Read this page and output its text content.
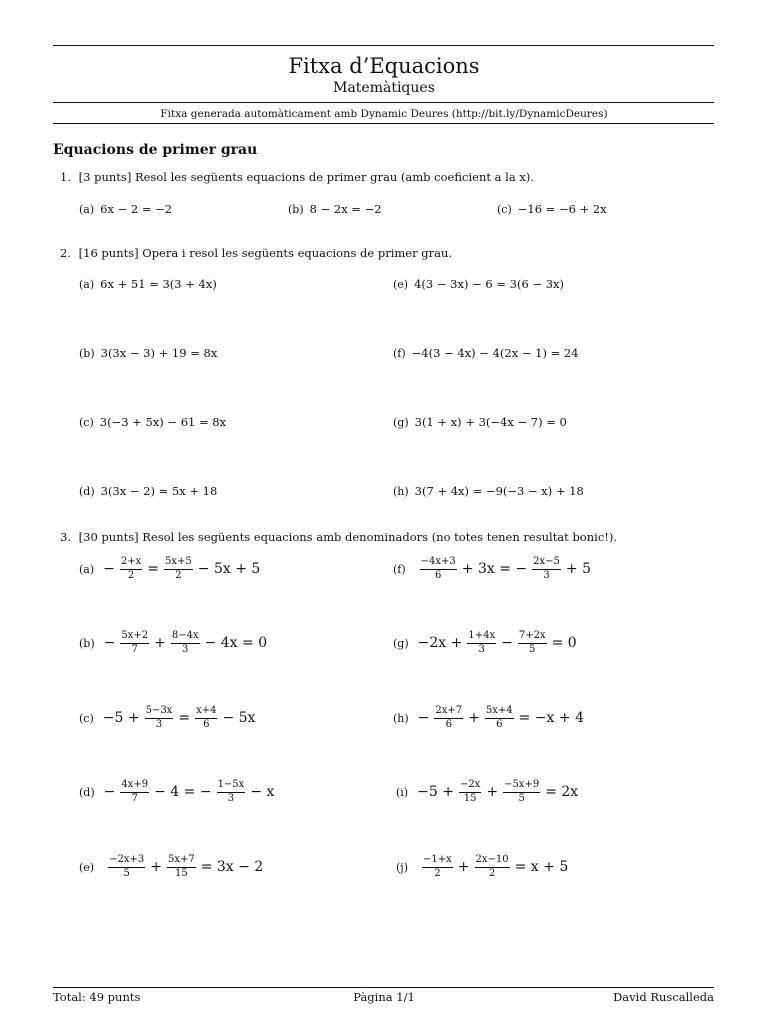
Fitxa d’Equacions
Matemàtiques
Fitxa generada automàticament amb Dynamic Deures (http://bit.ly/DynamicDeures)
Equacions de primer grau
1. [3 punts] Resol les següents equacions de primer grau (amb coeficient a la x).
(a) 6x − 2 = −2	(b) 8 − 2x = −2	(c) −16 = −6 + 2x
2. [16 punts] Opera i resol les següents equacions de primer grau.
(a) 6x + 51 = 3(3 + 4x)
(b) 3(3x − 3) + 19 = 8x
(c) 3(−3 + 5x) − 61 = 8x
(d) 3(3x − 2) = 5x + 18
(e) 4(3 − 3x) − 6 = 3(6 − 3x)
(f) −4(3 − 4x) − 4(2x − 1) = 24
(g) 3(1 + x) + 3(−4x − 7) = 0
(h) 3(7 + 4x) = −9(−3 − x) + 18
3. [30 punts] Resol les següents equacions amb denominadors (no totes tenen resultat bonic!).
$(a) - \frac{2+x}{2} = \frac{5x+5}{2} - 5x + 5$
$(b) - \frac{5x+2}{7} + \frac{8-4x}{3} - 4x = 0$
$(c) -5 + \frac{5-3x}{3} = \frac{x+4}{6} - 5x$
$(d) - \frac{4x+9}{7} - 4$ = − $\frac{1-5x}{3} - x$
$(e) \frac{-2x+3}{5} + \frac{5x+7}{15} = 3x - 2$
$(f) \frac{-4x+3}{6} + 3x$ = − $\frac{2x-5}{3} + 5$
$(g) -2x + \frac{1+4x}{3} - \frac{7+2x}{5} = 0$
$(h) - \frac{2x+7}{6} + \frac{5x+4}{6} = -x + 4$
$(i) -5 + \frac{-2x}{15} + \frac{-5x+9}{5} = 2x$
$(j) \frac{-1+x}{2} + \frac{2x-10}{2} = x + 5$
Total: 49 punts	Pàgina 1/1	David Ruscalleda
